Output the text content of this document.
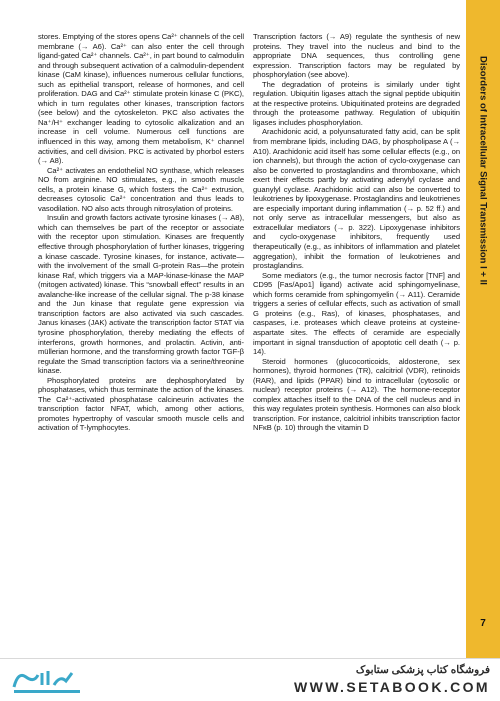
stores. Emptying of the stores opens Ca²⁺ channels of the cell membrane (→ A6). Ca²⁺ can also enter the cell through ligand-gated Ca²⁺ channels. Ca²⁺, in part bound to calmodulin and through subsequent activation of a calmodulin-dependent kinase (CaM kinase), influences numerous cellular functions, such as epithelial transport, release of hormones, and cell proliferation. DAG and Ca²⁺ stimulate protein kinase C (PKC), which in turn regulates other kinases, transcription factors (see below) and the cytoskeleton. PKC also activates the Na⁺/H⁺ exchanger leading to cytosolic alkalization and an increase in cell volume. Numerous cell functions are influenced in this way, among them metabolism, K⁺ channel activities, and cell division. PKC is activated by phorbol esters (→ A8).

Ca²⁺ activates an endothelial NO synthase, which releases NO from arginine. NO stimulates, e.g., in smooth muscle cells, a protein kinase G, which fosters the Ca²⁺ extrusion, decreases cytosolic Ca²⁺ concentration and thus leads to vasodilation. NO also acts through nitrosylation of proteins.

Insulin and growth factors activate tyrosine kinases (→ A8), which can themselves be part of the receptor or associate with the receptor upon stimulation. Kinases are frequently effective through phosphorylation of further kinases, triggering a kinase cascade. Tyrosine kinases, for instance, activate—with the involvement of the small G-protein Ras—the protein kinase Raf, which triggers via a MAP-kinase-kinase the MAP (mitogen activated) kinase. This “snowball effect” results in an avalanche-like increase of the cellular signal. The p-38 kinase and the Jun kinase that regulate gene expression via transcription factors are also activated via such cascades. Janus kinases (JAK) activate the transcription factor STAT via tyrosine phosphorylation, thereby mediating the effects of interferons, growth hormones, and prolactin. Activin, anti-müllerian hormone, and the transforming growth factor TGF-β regulate the Smad transcription factors via a serine/threonine kinase.

Phosphorylated proteins are dephosphorylated by phosphatases, which thus terminate the action of the kinases. The Ca²⁺-activated phosphatase calcineurin activates the transcription factor NFAT, which, among other actions, promotes hypertrophy of vascular smooth muscle cells and activation of T-lymphocytes.

Transcription factors (→ A9) regulate the synthesis of new proteins. They travel into the nucleus and bind to the appropriate DNA sequences, thus controlling gene expression. Transcription factors may be regulated by phosphorylation (see above).

The degradation of proteins is similarly under tight regulation. Ubiquitin ligases attach the signal peptide ubiquitin at the respective proteins. Ubiquitinated proteins are degraded through the proteasome pathway. Regulation of ubiquitin ligases includes phosphorylation.

Arachidonic acid, a polyunsaturated fatty acid, can be split from membrane lipids, including DAG, by phospholipase A (→ A10). Arachidonic acid itself has some cellular effects (e.g., on ion channels), but through the action of cyclo-oxygenase can also be converted to prostaglandins and thromboxane, which exert their effects partly by activating adenylyl cyclase and guanylyl cyclase. Arachidonic acid can also be converted to leukotrienes by lipoxygenase. Prostaglandins and leukotrienes are especially important during inflammation (→ p. 52 ff.) and not only serve as intracellular messengers, but also as extracellular mediators (→ p. 322). Lipoxygenase inhibitors and cyclo-oxygenase inhibitors, frequently used therapeutically (e.g., as inhibitors of inflammation and platelet aggregation), inhibit the formation of leukotrienes and prostaglandins.

Some mediators (e.g., the tumor necrosis factor [TNF] and CD95 [Fas/Apo1] ligand) activate acid sphingomyelinase, which forms ceramide from sphingomyelin (→ A11). Ceramide triggers a series of cellular effects, such as activation of small G proteins (e.g., Ras), of kinases, phosphatases, and caspases, i.e. proteases which cleave proteins at cysteine-aspartate sites. The effects of ceramide are especially important in signal transduction of apoptotic cell death (→ p. 14).

Steroid hormones (glucocorticoids, aldosterone, sex hormones), thyroid hormones (TR), calcitriol (VDR), retinoids (RAR), and lipids (PPAR) bind to intracellular (cytosolic or nuclear) receptor proteins (→ A12). The hormone-receptor complex attaches itself to the DNA of the cell nucleus and in this way regulates protein synthesis. Hormones can also block transcription. For instance, calcitriol inhibits transcription factor NFκB (p. 10) through the vitamin D

Disorders of Intracellular Signal Transmission I + II
7
فروشگاه کتاب پزشکی ستابوک
WWW.SETABOOK.COM
